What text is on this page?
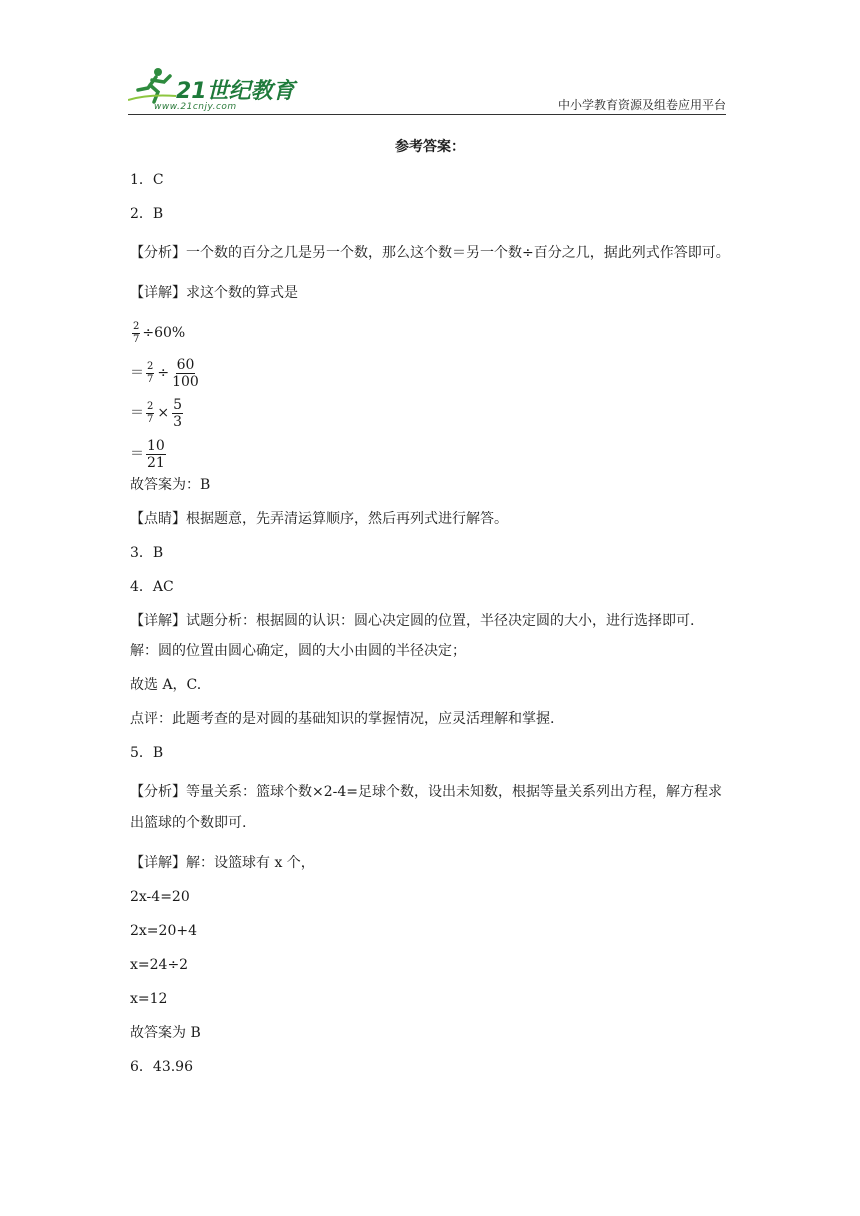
21世纪教育
www.21cnjy.com	中小学教育资源及组卷应用平台

参考答案：

1．C

2．B

【分析】一个数的百分之几是另一个数，那么这个数＝另一个数÷百分之几，据此列式作答即可。

【详解】求这个数的算式是

$\frac{2}{7} \div 60\%$
＝ $\frac{2}{7} \div \frac{60}{100}$
＝ $\frac{2}{7} \times \frac{5}{3}$
＝ $\frac{10}{21}$

故答案为：B

【点睛】根据题意，先弄清运算顺序，然后再列式进行解答。

3．B

4．AC

【详解】试题分析：根据圆的认识：圆心决定圆的位置，半径决定圆的大小，进行选择即可.

解：圆的位置由圆心确定，圆的大小由圆的半径决定；

故选 A，C.

点评：此题考查的是对圆的基础知识的掌握情况，应灵活理解和掌握.

5．B

【分析】等量关系：篮球个数×2-4=足球个数，设出未知数，根据等量关系列出方程，解方程求出篮球的个数即可.

【详解】解：设篮球有 x 个，

2x-4=20

2x=20+4

x=24÷2

x=12

故答案为 B

6．43.96
